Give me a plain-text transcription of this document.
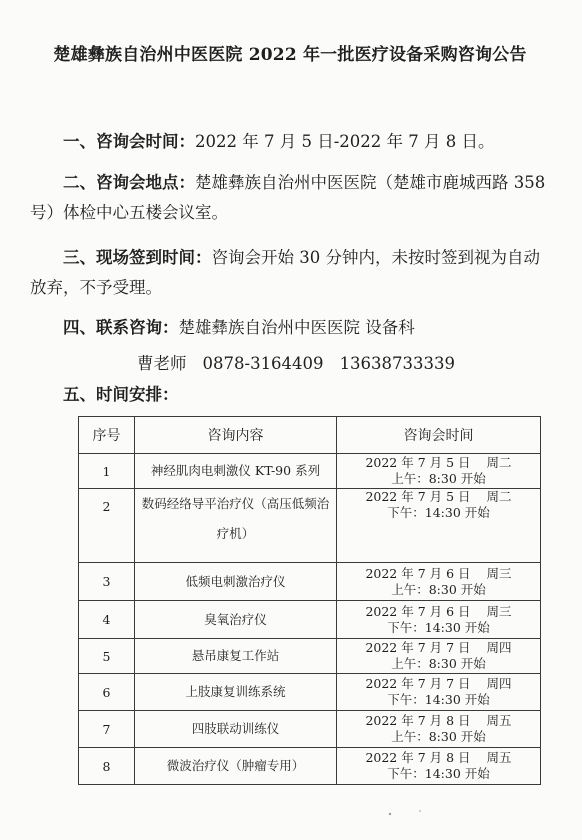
楚雄彝族自治州中医医院 2022 年一批医疗设备采购咨询公告
一、咨询会时间：2022 年 7 月 5 日-2022 年 7 月 8 日。
二、咨询会地点：楚雄彝族自治州中医医院（楚雄市鹿城西路 358 号）体检中心五楼会议室。
三、现场签到时间：咨询会开始 30 分钟内，未按时签到视为自动放弃，不予受理。
四、联系咨询：楚雄彝族自治州中医医院 设备科
曹老师 0878-3164409 13638733339
五、时间安排：
序号	咨询内容	咨询会时间
1	神经肌肉电刺激仪 KT-90 系列	2022 年 7 月 5 日 周二
上午：8:30 开始

2	数码经络导平治疗仪（高压低频治疗机）	2022 年 7 月 5 日 周二
下午：14:30 开始

3	低频电刺激治疗仪	2022 年 7 月 6 日 周三
上午：8:30 开始

4	臭氧治疗仪	2022 年 7 月 6 日 周三
下午：14:30 开始

5	悬吊康复工作站	2022 年 7 月 7 日 周四
上午：8:30 开始

6	上肢康复训练系统	2022 年 7 月 7 日 周四
下午：14:30 开始

7	四肢联动训练仪	2022 年 7 月 8 日 周五
上午：8:30 开始

8	微波治疗仪（肿瘤专用）	2022 年 7 月 8 日 周五
下午：14:30 开始
